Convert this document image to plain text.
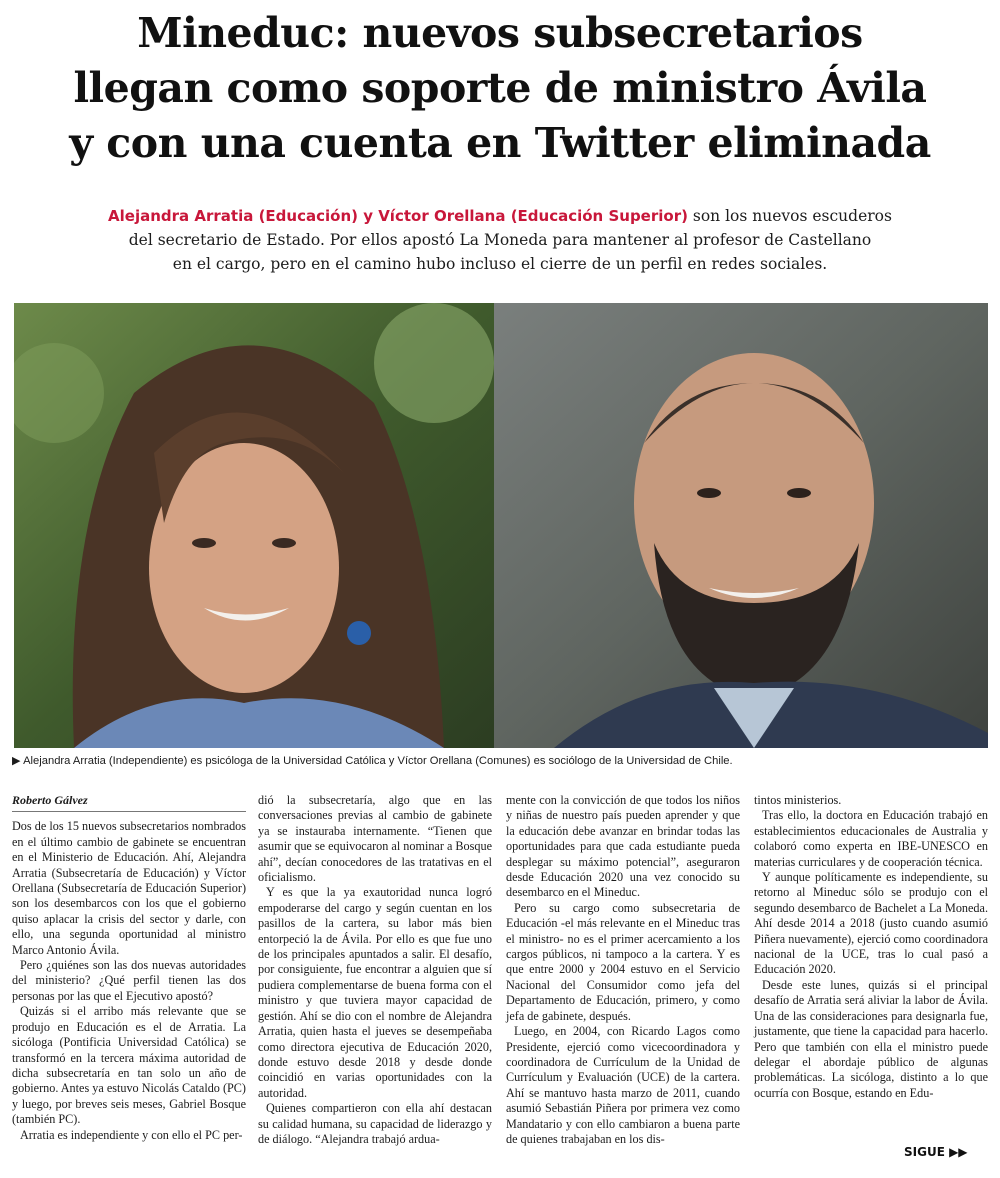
Mineduc: nuevos subsecretarios
llegan como soporte de ministro Ávila
y con una cuenta en Twitter eliminada
Alejandra Arratia (Educación) y Víctor Orellana (Educación Superior) son los nuevos escuderos
del secretario de Estado. Por ellos apostó La Moneda para mantener al profesor de Castellano
en el cargo, pero en el camino hubo incluso el cierre de un perfil en redes sociales.
▶ Alejandra Arratia (Independiente) es psicóloga de la Universidad Católica y Víctor Orellana (Comunes) es sociólogo de la Universidad de Chile.
Roberto Gálvez

Dos de los 15 nuevos subsecretarios nombrados en el último cambio de gabinete se encuentran en el Ministerio de Educación. Ahí, Alejandra Arratia (Subsecretaría de Educación) y Víctor Orellana (Subsecretaría de Educación Superior) son los desembarcos con los que el gobierno quiso aplacar la crisis del sector y darle, con ello, una segunda oportunidad al ministro Marco Antonio Ávila.

Pero ¿quiénes son las dos nuevas autoridades del ministerio? ¿Qué perfil tienen las dos personas por las que el Ejecutivo apostó?

Quizás si el arribo más relevante que se produjo en Educación es el de Arratia. La sicóloga (Pontificia Universidad Católica) se transformó en la tercera máxima autoridad de dicha subsecretaría en tan solo un año de gobierno. Antes ya estuvo Nicolás Cataldo (PC) y luego, por breves seis meses, Gabriel Bosque (también PC).

Arratia es independiente y con ello el PC per-

dió la subsecretaría, algo que en las conversaciones previas al cambio de gabinete ya se instauraba internamente. “Tienen que asumir que se equivocaron al nominar a Bosque ahí”, decían conocedores de las tratativas en el oficialismo.

Y es que la ya exautoridad nunca logró empoderarse del cargo y según cuentan en los pasillos de la cartera, su labor más bien entorpeció la de Ávila. Por ello es que fue uno de los principales apuntados a salir. El desafío, por consiguiente, fue encontrar a alguien que sí pudiera complementarse de buena forma con el ministro y que tuviera mayor capacidad de gestión. Ahí se dio con el nombre de Alejandra Arratia, quien hasta el jueves se desempeñaba como directora ejecutiva de Educación 2020, donde estuvo desde 2018 y desde donde coincidió en varias oportunidades con la autoridad.

Quienes compartieron con ella ahí destacan su calidad humana, su capacidad de liderazgo y de diálogo. “Alejandra trabajó ardua-

mente con la convicción de que todos los niños y niñas de nuestro país pueden aprender y que la educación debe avanzar en brindar todas las oportunidades para que cada estudiante pueda desplegar su máximo potencial”, aseguraron desde Educación 2020 una vez conocido su desembarco en el Mineduc.

Pero su cargo como subsecretaria de Educación -el más relevante en el Mineduc tras el ministro- no es el primer acercamiento a los cargos públicos, ni tampoco a la cartera. Y es que entre 2000 y 2004 estuvo en el Servicio Nacional del Consumidor como jefa del Departamento de Educación, primero, y como jefa de gabinete, después.

Luego, en 2004, con Ricardo Lagos como Presidente, ejerció como vicecoordinadora y coordinadora de Currículum de la Unidad de Currículum y Evaluación (UCE) de la cartera. Ahí se mantuvo hasta marzo de 2011, cuando asumió Sebastián Piñera por primera vez como Mandatario y con ello cambiaron a buena parte de quienes trabajaban en los dis-

tintos ministerios.

Tras ello, la doctora en Educación trabajó en establecimientos educacionales de Australia y colaboró como experta en IBE-UNESCO en materias curriculares y de cooperación técnica.

Y aunque políticamente es independiente, su retorno al Mineduc sólo se produjo con el segundo desembarco de Bachelet a La Moneda. Ahí desde 2014 a 2018 (justo cuando asumió Piñera nuevamente), ejerció como coordinadora nacional de la UCE, tras lo cual pasó a Educación 2020.

Desde este lunes, quizás si el principal desafío de Arratia será aliviar la labor de Ávila. Una de las consideraciones para designarla fue, justamente, que tiene la capacidad para hacerlo. Pero que también con ella el ministro puede delegar el abordaje público de algunas problemáticas. La sicóloga, distinto a lo que ocurría con Bosque, estando en Edu-

SIGUE ▶▶
